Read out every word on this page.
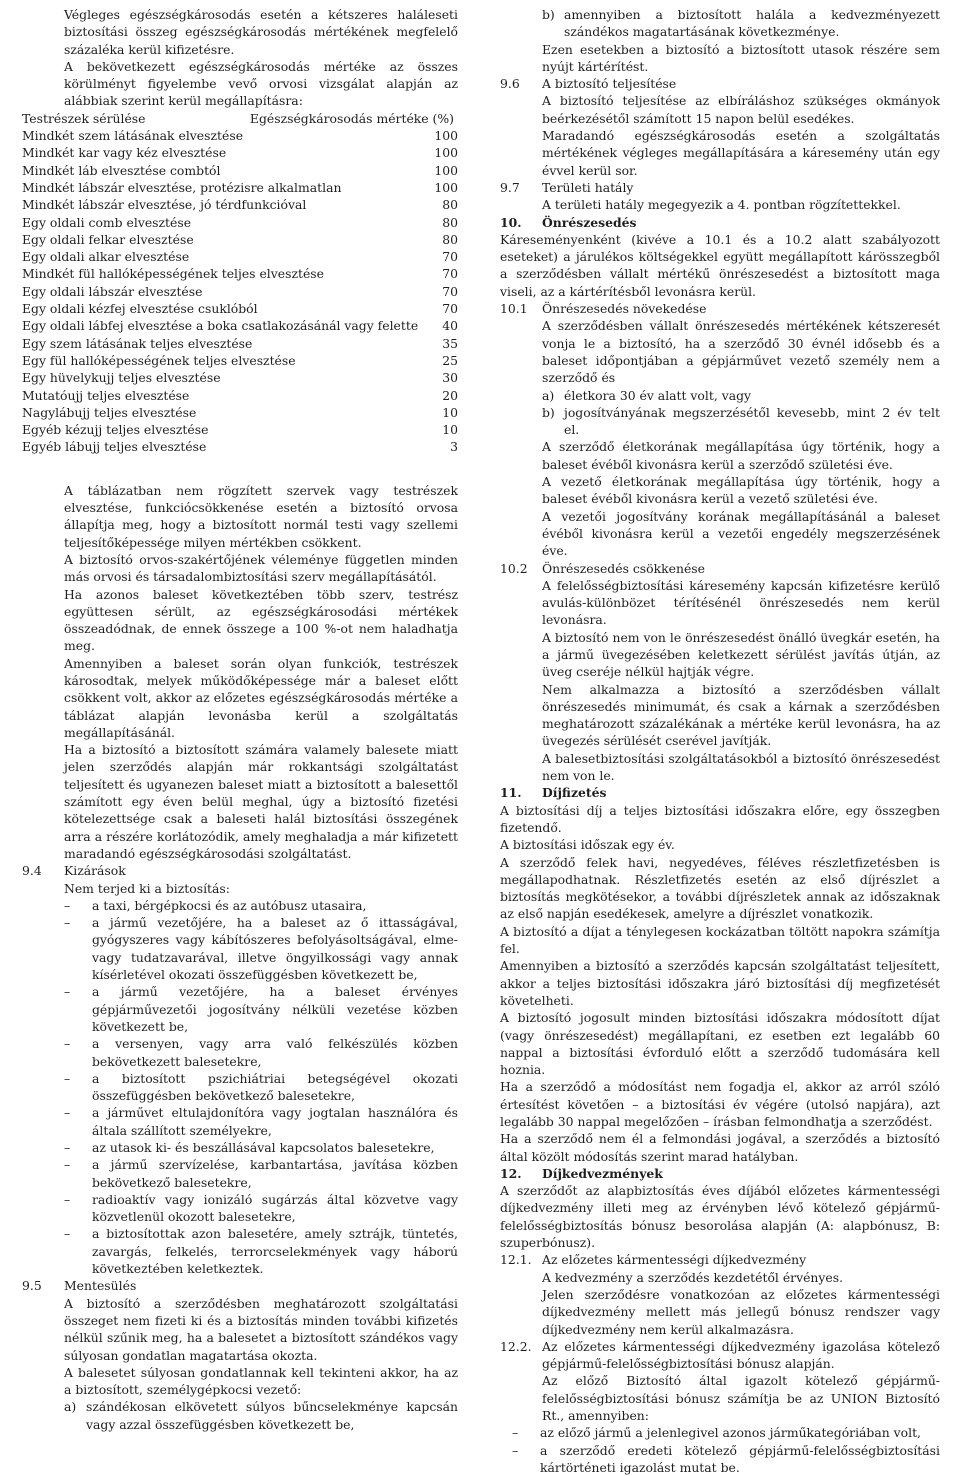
Végleges egészségkárosodás esetén a kétszeres haláleseti biztosítási összeg egészségkárosodás mértékének megfelelő százaléka kerül kifizetésre.

A bekövetkezett egészségkárosodás mértéke az összes körülményt figyelembe vevő orvosi vizsgálat alapján az alábbiak szerint kerül megállapításra:

Testrészek sérülése	Egészségkárosodás mértéke (%)
Mindkét szem látásának elvesztése	100
Mindkét kar vagy kéz elvesztése	100
Mindkét láb elvesztése combtól	100
Mindkét lábszár elvesztése, protézisre alkalmatlan	100
Mindkét lábszár elvesztése, jó térdfunkcióval	80
Egy oldali comb elvesztése	80
Egy oldali felkar elvesztése	80
Egy oldali alkar elvesztése	70
Mindkét fül hallóképességének teljes elvesztése	70
Egy oldali lábszár elvesztése	70
Egy oldali kézfej elvesztése csuklóból	70
Egy oldali lábfej elvesztése a boka csatlakozásánál vagy felette	40
Egy szem látásának teljes elvesztése	35
Egy fül hallóképességének teljes elvesztése	25
Egy hüvelykujj teljes elvesztése	30
Mutatóujj teljes elvesztése	20
Nagylábujj teljes elvesztése	10
Egyéb kézujj teljes elvesztése	10
Egyéb lábujj teljes elvesztése	3

A táblázatban nem rögzített szervek vagy testrészek elvesztése, funkciócsökkenése esetén a biztosító orvosa állapítja meg, hogy a biztosított normál testi vagy szellemi teljesítőképessége milyen mértékben csökkent.

A biztosító orvos-szakértőjének véleménye független minden más orvosi és társadalombiztosítási szerv megállapításától.

Ha azonos baleset következtében több szerv, testrész együttesen sérült, az egészségkárosodási mértékek összeadódnak, de ennek összege a 100 %-ot nem haladhatja meg.

Amennyiben a baleset során olyan funkciók, testrészek károsodtak, melyek működőképessége már a baleset előtt csökkent volt, akkor az előzetes egészségkárosodás mértéke a táblázat alapján levonásba kerül a szolgáltatás megállapításánál.

Ha a biztosító a biztosított számára valamely balesete miatt jelen szerződés alapján már rokkantsági szolgáltatást teljesített és ugyanezen baleset miatt a biztosított a balesettől számított egy éven belül meghal, úgy a biztosító fizetési kötelezettsége csak a baleseti halál biztosítási összegének arra a részére korlátozódik, amely meghaladja a már kifizetett maradandó egészségkárosodási szolgáltatást.

9.4	Kizárások

Nem terjed ki a biztosítás:

–	a taxi, bérgépkocsi és az autóbusz utasaira,
–	a jármű vezetőjére, ha a baleset az ő ittasságával, gyógyszeres vagy kábítószeres befolyásoltságával, elme- vagy tudatzavarával, illetve öngyilkossági vagy annak kísérletével okozati összefüggésben következett be,
–	a jármű vezetőjére, ha a baleset érvényes gépjárművezetői jogosítvány nélküli vezetése közben következett be,
–	a versenyen, vagy arra való felkészülés közben bekövetkezett balesetekre,
–	a biztosított pszichiátriai betegségével okozati összefüggésben bekövetkező balesetekre,
–	a járművet eltulajdonítóra vagy jogtalan használóra és általa szállított személyekre,
–	az utasok ki- és beszállásával kapcsolatos balesetekre,
–	a jármű szervízelése, karbantartása, javítása közben bekövetkező balesetekre,
–	radioaktív vagy ionizáló sugárzás által közvetve vagy közvetlenül okozott balesetekre,
–	a biztosítottak azon balesetére, amely sztrájk, tüntetés, zavargás, felkelés, terrorcselekmények vagy háború következtében keletkeztek.
9.5	Mentesülés

A biztosító a szerződésben meghatározott szolgáltatási összeget nem fizeti ki és a biztosítás minden további kifizetés nélkül szűnik meg, ha a balesetet a biztosított szándékos vagy súlyosan gondatlan magatartása okozta.

A balesetet súlyosan gondatlannak kell tekinteni akkor, ha az a biztosított, személygépkocsi vezető:

a) szándékosan elkövetett súlyos bűncselekménye kapcsán vagy azzal összefüggésben következett be,
b) amennyiben a biztosított halála a kedvezményezett szándékos magatartásának következménye.

Ezen esetekben a biztosító a biztosított utasok részére sem nyújt kártérítést.

9.6	A biztosító teljesítése

A biztosító teljesítése az elbíráláshoz szükséges okmányok beérkezésétől számított 15 napon belül esedékes.

Maradandó egészségkárosodás esetén a szolgáltatás mértékének végleges megállapítására a káresemény után egy évvel kerül sor.

9.7	Területi hatály

A területi hatály megegyezik a 4. pontban rögzítettekkel.

10.	Önrészesedés

Káreseményenként (kivéve a 10.1 és a 10.2 alatt szabályozott eseteket) a járulékos költségekkel együtt megállapított kárösszegből a szerződésben vállalt mértékű önrészesedést a biztosított maga viseli, az a kártérítésből levonásra kerül.

10.1	Önrészesedés növekedése

A szerződésben vállalt önrészesedés mértékének kétszeresét vonja le a biztosító, ha a szerződő 30 évnél idősebb és a baleset időpontjában a gépjárművet vezető személy nem a szerződő és

a) életkora 30 év alatt volt, vagy
b) jogosítványának megszerzésétől kevesebb, mint 2 év telt el.

A szerződő életkorának megállapítása úgy történik, hogy a baleset évéből kivonásra kerül a szerződő születési éve.

A vezető életkorának megállapítása úgy történik, hogy a baleset évéből kivonásra kerül a vezető születési éve.

A vezetői jogosítvány korának megállapításánál a baleset évéből kivonásra kerül a vezetői engedély megszerzésének éve.

10.2	Önrészesedés csökkenése

A felelősségbiztosítási káresemény kapcsán kifizetésre kerülő avulás-különbözet térítésénél önrészesedés nem kerül levonásra.

A biztosító nem von le önrészesedést önálló üvegkár esetén, ha a jármű üvegezésében keletkezett sérülést javítás útján, az üveg cseréje nélkül hajtják végre.

Nem alkalmazza a biztosító a szerződésben vállalt önrészesedés minimumát, és csak a kárnak a szerződésben meghatározott százalékának a mértéke kerül levonásra, ha az üvegezés sérülését cserével javítják.

A balesetbiztosítási szolgáltatásokból a biztosító önrészesedést nem von le.

11.	Díjfizetés

A biztosítási díj a teljes biztosítási időszakra előre, egy összegben fizetendő.

A biztosítási időszak egy év.

A szerződő felek havi, negyedéves, féléves részletfizetésben is megállapodhatnak. Részletfizetés esetén az első díjrészlet a biztosítás megkötésekor, a további díjrészletek annak az időszaknak az első napján esedékesek, amelyre a díjrészlet vonatkozik.

A biztosító a díjat a ténylegesen kockázatban töltött napokra számítja fel.

Amennyiben a biztosító a szerződés kapcsán szolgáltatást teljesített, akkor a teljes biztosítási időszakra járó biztosítási díj megfizetését követelheti.

A biztosító jogosult minden biztosítási időszakra módosított díjat (vagy önrészesedést) megállapítani, ez esetben ezt legalább 60 nappal a biztosítási évforduló előtt a szerződő tudomására kell hoznia.

Ha a szerződő a módosítást nem fogadja el, akkor az arról szóló értesítést követően – a biztosítási év végére (utolsó napjára), azt legalább 30 nappal megelőzően – írásban felmondhatja a szerződést.

Ha a szerződő nem él a felmondási jogával, a szerződés a biztosító által közölt módosítás szerint marad hatályban.

12.	Díjkedvezmények

A szerződőt az alapbiztosítás éves díjából előzetes kármentességi díjkedvezmény illeti meg az érvényben lévő kötelező gépjármű-felelősségbiztosítás bónusz besorolása alapján (A: alapbónusz, B: szuperbónusz).

12.1. Az előzetes kármentességi díjkedvezmény

A kedvezmény a szerződés kezdetétől érvényes.

Jelen szerződésre vonatkozóan az előzetes kármentességi díjkedvezmény mellett más jellegű bónusz rendszer vagy díjkedvezmény nem kerül alkalmazásra.

12.2. Az előzetes kármentességi díjkedvezmény igazolása kötelező gépjármű-felelősségbiztosítási bónusz alapján.

Az előző Biztosító által igazolt kötelező gépjármű-felelősségbiztosítási bónusz számítja be az UNION Biztosító Rt., amennyiben:

–	az előző jármű a jelenlegivel azonos járműkategóriában volt,
–	a szerződő eredeti kötelező gépjármű-felelősségbiztosítási kártörténeti igazolást mutat be.
